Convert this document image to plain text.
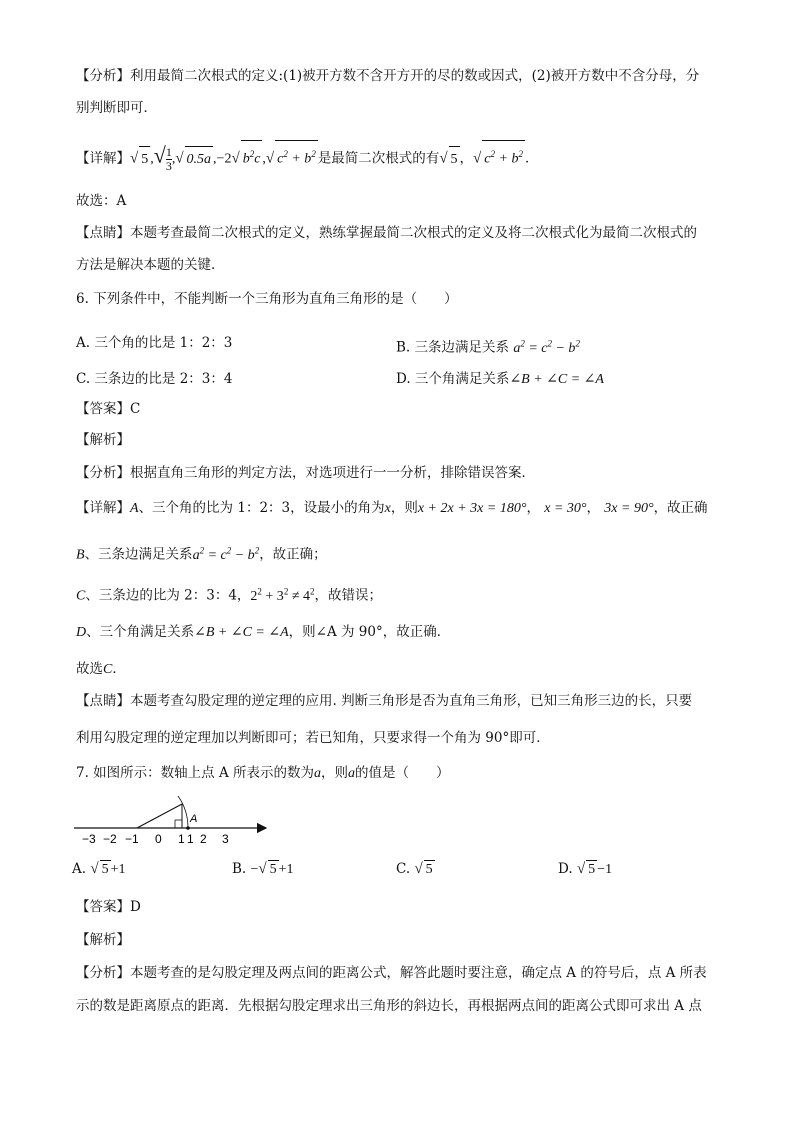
【分析】利用最简二次根式的定义:(1)被开方数不含开方开的尽的数或因式，(2)被开方数中不含分母，分
别判断即可．
【详解】√ 5 ,√ $\frac{1}{3}$ ,√ 0.5a ,−2√ $b^2c$ ,√ $c^2 + b^2$ 是最简二次根式的有√ 5 ，√ $c^2 + b^2$ ．
故选：A
【点睛】本题考查最简二次根式的定义，熟练掌握最简二次根式的定义及将二次根式化为最简二次根式的
方法是解决本题的关键．
6. 下列条件中，不能判断一个三角形为直角三角形的是（　　）
A. 三个角的比是 1：2：3	B. 三条边满足关系 $a^2 = c^2 - b^2$
C. 三条边的比是 2：3：4	D. 三个角满足关系∠B + ∠C = ∠A
【答案】C
【解析】
【分析】根据直角三角形的判定方法，对选项进行一一分析，排除错误答案．
【详解】A、三个角的比为 1：2：3，设最小的角为x，则x + 2x + 3x = 180°， x = 30°， 3x = 90°，故正确
B、三条边满足关系$a^2 = c^2 - b^2$，故正确；
C、三条边的比为 2：3：4，$2^2 + 3^2 \ne 4^2$，故错误；
D、三个角满足关系∠B + ∠C = ∠A，则∠A 为 90°，故正确．
故选C．
【点睛】本题考查勾股定理的逆定理的应用. 判断三角形是否为直角三角形，已知三角形三边的长，只要
利用勾股定理的逆定理加以判断即可；若已知角，只要求得一个角为 90°即可．
7. 如图所示：数轴上点 A 所表示的数为a，则a的值是（　　）
A
−3 −2 −1 0 1 1 2 3
A. √ 5 +1	B. −√ 5 +1	C. √ 5	D. √ 5 −1
【答案】D
【解析】
【分析】本题考查的是勾股定理及两点间的距离公式，解答此题时要注意，确定点 A 的符号后，点 A 所表
示的数是距离原点的距离．先根据勾股定理求出三角形的斜边长，再根据两点间的距离公式即可求出 A 点
